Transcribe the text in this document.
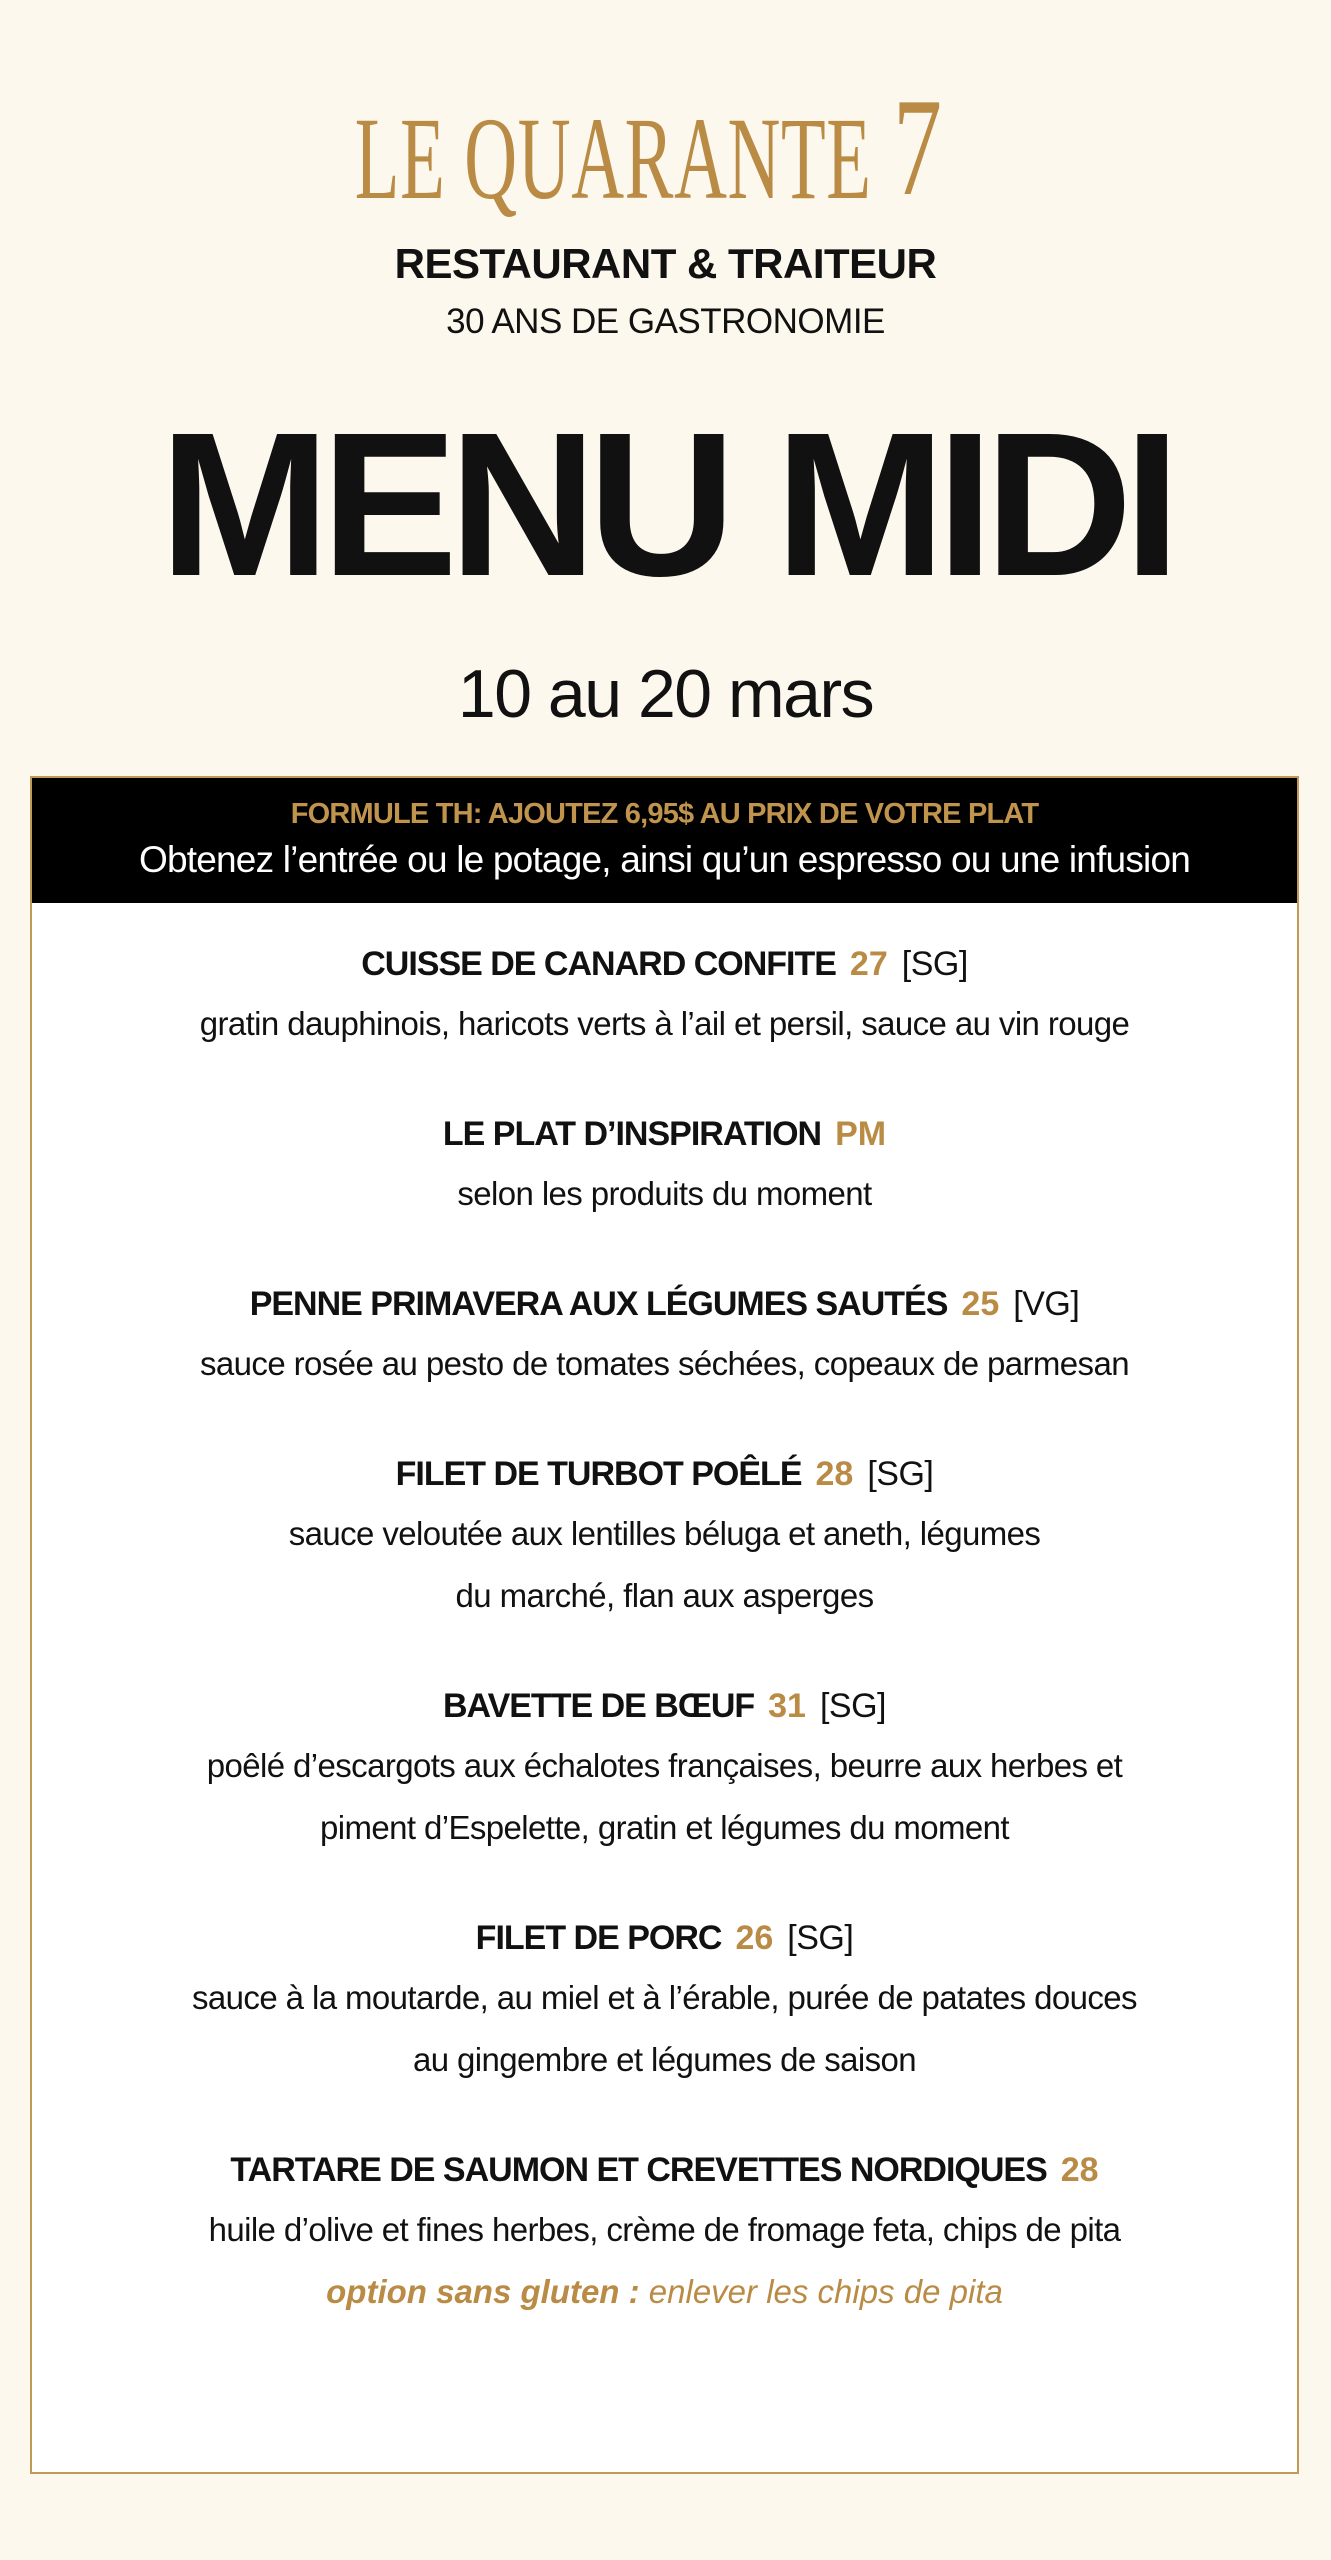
LE QUARANTE 7
RESTAURANT & TRAITEUR
30 ANS DE GASTRONOMIE
MENU MIDI
10 au 20 mars
FORMULE TH: AJOUTEZ 6,95$ AU PRIX DE VOTRE PLAT
Obtenez l’entrée ou le potage, ainsi qu’un espresso ou une infusion
CUISSE DE CANARD CONFITE 27 [SG]
gratin dauphinois, haricots verts à l’ail et persil, sauce au vin rouge
LE PLAT D’INSPIRATION PM
selon les produits du moment
PENNE PRIMAVERA AUX LÉGUMES SAUTÉS 25 [VG]
sauce rosée au pesto de tomates séchées, copeaux de parmesan
FILET DE TURBOT POÊLÉ 28 [SG]
sauce veloutée aux lentilles béluga et aneth, légumes
du marché, flan aux asperges
BAVETTE DE BŒUF 31 [SG]
poêlé d’escargots aux échalotes françaises, beurre aux herbes et
piment d’Espelette, gratin et légumes du moment
FILET DE PORC 26 [SG]
sauce à la moutarde, au miel et à l’érable, purée de patates douces
au gingembre et légumes de saison
TARTARE DE SAUMON ET CREVETTES NORDIQUES 28
huile d’olive et fines herbes, crème de fromage feta, chips de pita
option sans gluten : enlever les chips de pita
